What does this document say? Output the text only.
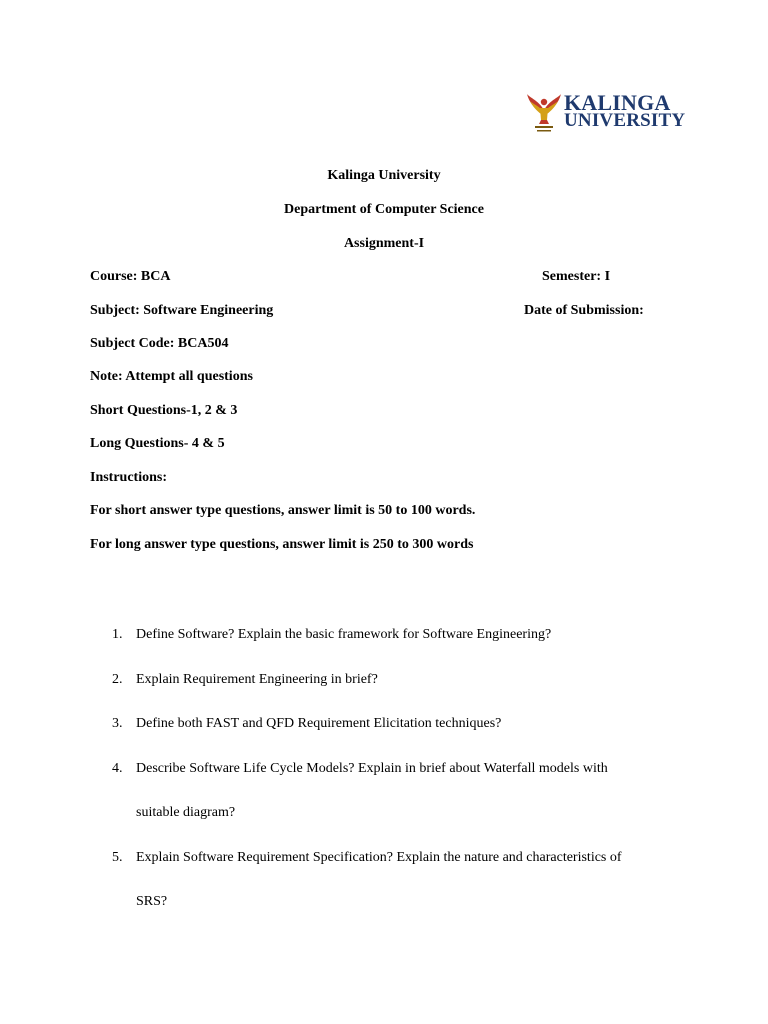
KALINGA
UNIVERSITY
Kalinga University
Department of Computer Science
Assignment-I
Course: BCA	Semester: I
Subject: Software Engineering	Date of Submission:
Subject Code: BCA504
Note: Attempt all questions
Short Questions-1, 2 & 3
Long Questions- 4 & 5
Instructions:
For short answer type questions, answer limit is 50 to 100 words.
For long answer type questions, answer limit is 250 to 300 words
1. Define Software? Explain the basic framework for Software Engineering?
2. Explain Requirement Engineering in brief?
3. Define both FAST and QFD Requirement Elicitation techniques?
4. Describe Software Life Cycle Models? Explain in brief about Waterfall models with
suitable diagram?
5. Explain Software Requirement Specification? Explain the nature and characteristics of
SRS?
